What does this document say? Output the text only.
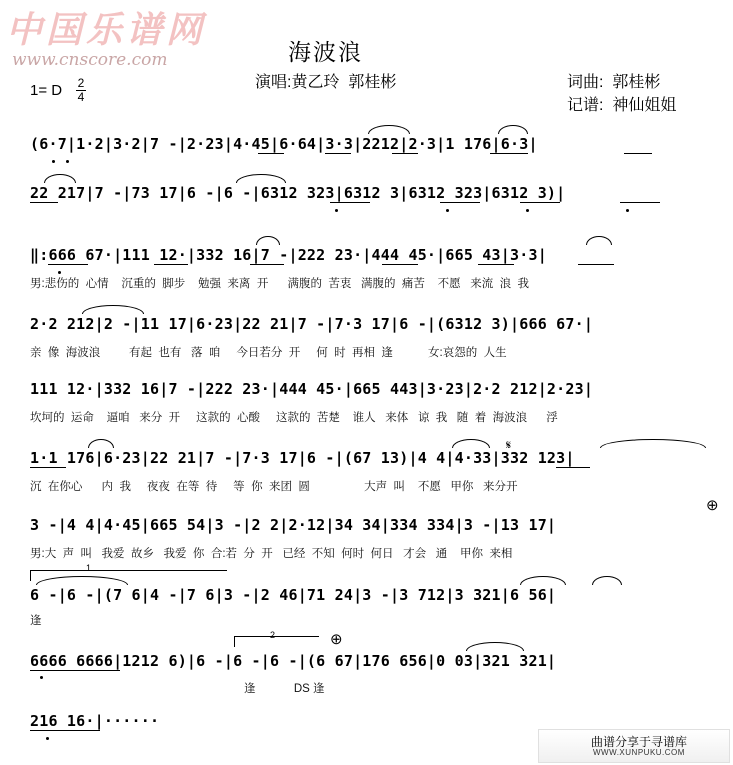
中国乐谱网
www.cnscore.com	海波浪
演唱:黄乙玲  郭桂彬	词曲:  郭桂彬
记谱:  神仙姐姐
1= D 2
4
(6·7|1·2|3·2|7 -|2·23|4·45|6·64|3·3|2212|2·3|1 176|6·3|
22 217|7 -|73 17|6 -|6 -|6312 323|6312 3|6312 323|6312 3)|
‖:666 67·|111 12·|332 16|7 -|222 23·|444 45·|665 43|3·3|
男:悲伤的  心情    沉重的  脚步    勉强  来离  开      满腹的  苦衷   满腹的  痛苦    不愿   来流  浪  我
2·2 212|2 -|11 17|6·23|22 21|7 -|7·3 17|6 -|(6312 3)|666 67·|
亲  像  海波浪         有起  也有   落  咱     今日若分  开     何  时  再相  逢           女:哀怨的  人生
111 12·|332 16|7 -|222 23·|444 45·|665 443|3·23|2·2 212|2·23|
坎坷的  运命    逼咱   来分  开     这款的  心酸     这款的  苦楚    谁人   来体   谅  我   随  着  海波浪      浮
1·1 176|6·23|22 21|7 -|7·3 17|6 -|(67 13)|4 4|4·33|332 123|
沉  在你心      内  我     夜夜  在等  待     等  你  来团  圆                 大声  叫    不愿   甲你   来分开
3 -|4 4|4·45|665 54|3 -|2 2|2·12|34 34|334 334|3 -|13 17|
男:大  声  叫   我爱  故乡   我爱  你  合:若  分  开   已经  不知  何时  何日   才会   通    甲你  来相
6 -|6 -|(7 6|4 -|7 6|3 -|2 46|71 24|3 -|3 712|3 321|6 56|
逢
6666 6666|1212 6)|6 -|6 -|6 -|(6 67|176 656|0 03|321 321|
逢            DS 逢
216 16·|······
1
2
⊕
⊕
𝄋
曲谱分享于寻谱库
WWW.XUNPUKU.COM
